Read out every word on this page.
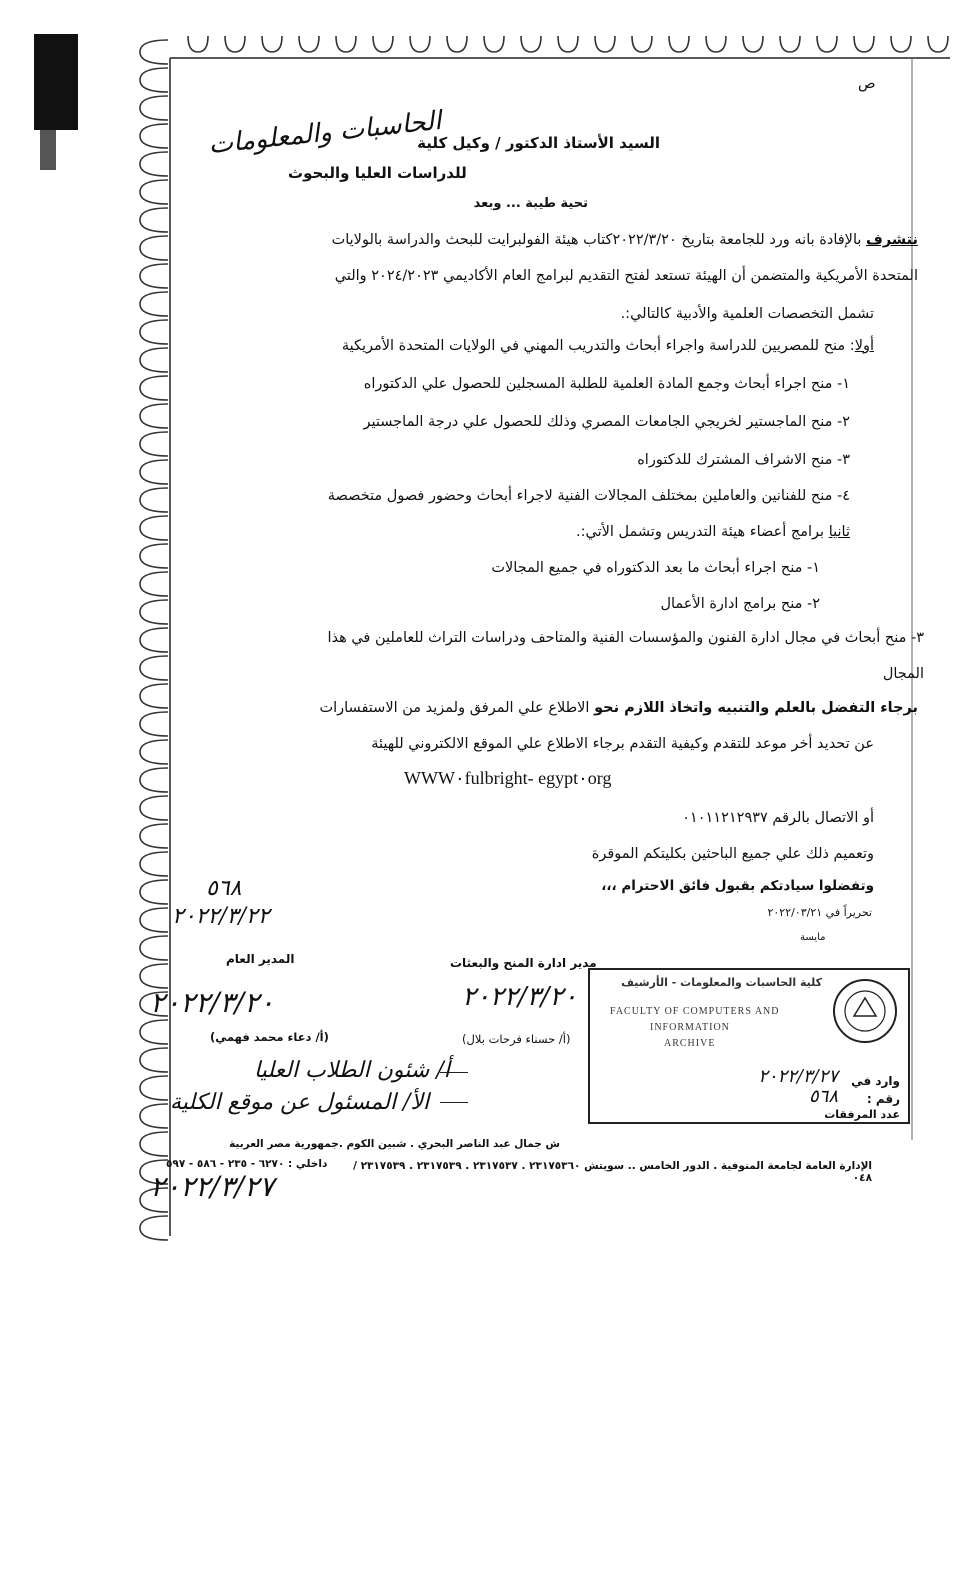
ص
السيد الأستاذ الدكتور / وكيل كلية
الحاسبات والمعلومات
للدراسات العليا والبحوث
تحية طيبة ... وبعد
نتشرف بالإفادة بانه ورد للجامعة بتاريخ ٢٠٢٢/٣/٢٠كتاب هيئة الفولبرايت للبحث والدراسة بالولايات
المتحدة الأمريكية والمتضمن أن الهيئة تستعد لفتح التقديم لبرامج العام الأكاديمي ٢٠٢٤/٢٠٢٣ والتي
تشمل التخصصات العلمية والأدبية كالتالي:.
أولا: منح للمصريين للدراسة واجراء أبحاث والتدريب المهني في الولايات المتحدة الأمريكية
١- منح اجراء أبحاث وجمع المادة العلمية للطلبة المسجلين للحصول علي الدكتوراه
٢- منح الماجستير لخريجي الجامعات المصري وذلك للحصول علي درجة الماجستير
٣- منح الاشراف المشترك للدكتوراه
٤- منح للفنانين والعاملين بمختلف المجالات الفنية لاجراء أبحاث وحضور فصول متخصصة
ثانيا برامج أعضاء هيئة التدريس وتشمل الأتي:.
١- منح اجراء أبحاث ما بعد الدكتوراه في جميع المجالات
٢- منح برامج ادارة الأعمال
٣- منح أبحاث في مجال ادارة الفنون والمؤسسات الفنية والمتاحف ودراسات التراث للعاملين في هذا
المجال
برجاء التفضل بالعلم والتنبيه واتخاذ اللازم نحو الاطلاع علي المرفق ولمزيد من الاستفسارات
عن تحديد أخر موعد للتقدم وكيفية التقدم برجاء الاطلاع علي الموقع الالكتروني للهيئة
WWW٠fulbright- egypt٠org
أو الاتصال بالرقم ٠١٠١١٢١٢٩٣٧
وتعميم ذلك علي جميع الباحثين بكليتكم الموقرة
وتفضلوا سيادتكم بقبول فائق الاحترام ،،،
٥٦٨
٢٠٢٢/٣/٢٢	تحريراً في ٢٠٢٢/٠٣/٢١
مايسة
المدير العام
٢٠٢٢/٣/٢٠
(أ/ دعاء محمد فهمي)
مدير ادارة المنح والبعثات
٢٠٢٢/٣/٢٠
(أ/ حسناء فرحات بلال)
أ/ شئون الطلاب العليا
الأ/ المسئول عن موقع الكلية
كلية الحاسبات والمعلومات - الأرشيف
FACULTY OF COMPUTERS AND
INFORMATION
ARCHIVE
وارد في
٢٠٢٢/٣/٢٧
رقم :
٥٦٨
عدد المرفقات
ش جمال عبد الناصر البحري . شبين الكوم .جمهورية مصر العربية
داخلي : ٦٢٧٠ - ٢٣٥ - ٥٨٦ - ٥٩٧	الإدارة العامة لجامعة المنوفية . الدور الخامس .. سويتش ٢٣١٧٥٣٦٠ . ٢٣١٧٥٣٧ . ٢٣١٧٥٣٩ . ٢٣١٧٥٣٩ / ٠٤٨
٢٠٢٢/٣/٢٧
